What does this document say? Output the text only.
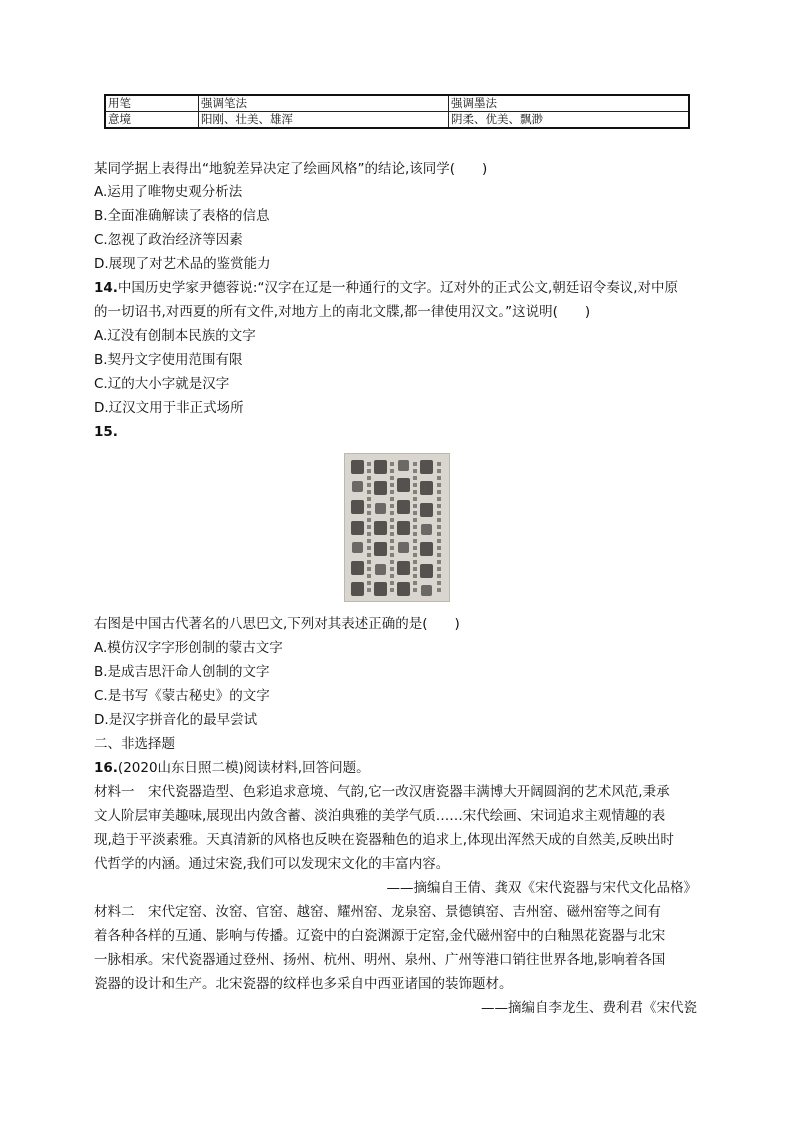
用笔	强调笔法	强调墨法
意境	阳刚、壮美、雄浑	阴柔、优美、飘渺
某同学据上表得出“地貌差异决定了绘画风格”的结论,该同学(　　)
A.运用了唯物史观分析法
B.全面准确解读了表格的信息
C.忽视了政治经济等因素
D.展现了对艺术品的鉴赏能力
14.中国历史学家尹德蓉说:“汉字在辽是一种通行的文字。辽对外的正式公文,朝廷诏令奏议,对中原
的一切诏书,对西夏的所有文件,对地方上的南北文牒,都一律使用汉文。”这说明(　　)
A.辽没有创制本民族的文字
B.契丹文字使用范围有限
C.辽的大小字就是汉字
D.辽汉文用于非正式场所
15.
右图是中国古代著名的八思巴文,下列对其表述正确的是(　　)
A.模仿汉字字形创制的蒙古文字
B.是成吉思汗命人创制的文字
C.是书写《蒙古秘史》的文字
D.是汉字拼音化的最早尝试
二、非选择题
16.(2020山东日照二模)阅读材料,回答问题。
材料一　宋代瓷器造型、色彩追求意境、气韵,它一改汉唐瓷器丰满博大开阔圆润的艺术风范,秉承
文人阶层审美趣味,展现出内敛含蓄、淡泊典雅的美学气质……宋代绘画、宋词追求主观情趣的表
现,趋于平淡素雅。天真清新的风格也反映在瓷器釉色的追求上,体现出浑然天成的自然美,反映出时
代哲学的内涵。通过宋瓷,我们可以发现宋文化的丰富内容。
——摘编自王倩、龚双《宋代瓷器与宋代文化品格》
材料二　宋代定窑、汝窑、官窑、越窑、耀州窑、龙泉窑、景德镇窑、吉州窑、磁州窑等之间有
着各种各样的互通、影响与传播。辽瓷中的白瓷渊源于定窑,金代磁州窑中的白釉黑花瓷器与北宋
一脉相承。宋代瓷器通过登州、扬州、杭州、明州、泉州、广州等港口销往世界各地,影响着各国
瓷器的设计和生产。北宋瓷器的纹样也多采自中西亚诸国的装饰题材。
——摘编自李龙生、费利君《宋代瓷
